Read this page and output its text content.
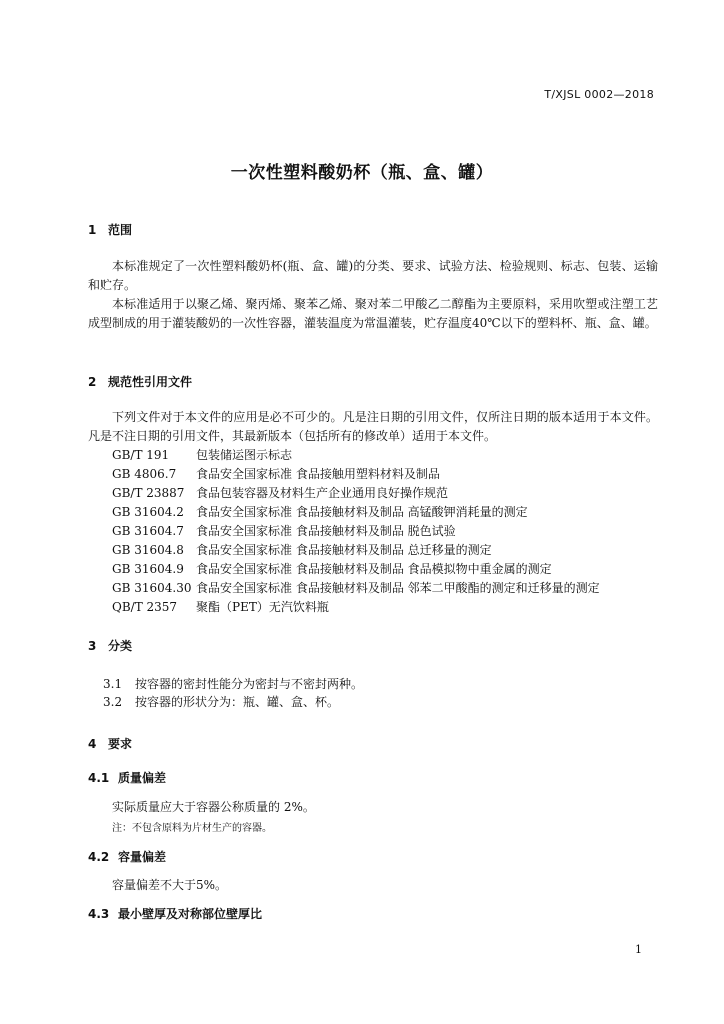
T/XJSL 0002—2018
一次性塑料酸奶杯（瓶、盒、罐）
1 范围
本标准规定了一次性塑料酸奶杯(瓶、盒、罐)的分类、要求、试验方法、检验规则、标志、包装、运输和贮存。
本标准适用于以聚乙烯、聚丙烯、聚苯乙烯、聚对苯二甲酸乙二醇酯为主要原料，采用吹塑或注塑工艺成型制成的用于灌装酸奶的一次性容器，灌装温度为常温灌装，贮存温度40℃以下的塑料杯、瓶、盒、罐。
2 规范性引用文件
下列文件对于本文件的应用是必不可少的。凡是注日期的引用文件，仅所注日期的版本适用于本文件。凡是不注日期的引用文件，其最新版本（包括所有的修改单）适用于本文件。
GB/T 191 包装储运图示标志
GB 4806.7 食品安全国家标准 食品接触用塑料材料及制品
GB/T 23887 食品包装容器及材料生产企业通用良好操作规范
GB 31604.2 食品安全国家标准 食品接触材料及制品 高锰酸钾消耗量的测定
GB 31604.7 食品安全国家标准 食品接触材料及制品 脱色试验
GB 31604.8 食品安全国家标准 食品接触材料及制品 总迁移量的测定
GB 31604.9 食品安全国家标准 食品接触材料及制品 食品模拟物中重金属的测定
GB 31604.30 食品安全国家标准 食品接触材料及制品 邻苯二甲酸酯的测定和迁移量的测定
QB/T 2357 聚酯（PET）无汽饮料瓶
3 分类
3.1 按容器的密封性能分为密封与不密封两种。
3.2 按容器的形状分为：瓶、罐、盒、杯。
4 要求
4.1 质量偏差
实际质量应大于容器公称质量的 2%。
注：不包含原料为片材生产的容器。
4.2 容量偏差
容量偏差不大于5%。
4.3 最小壁厚及对称部位壁厚比
1
